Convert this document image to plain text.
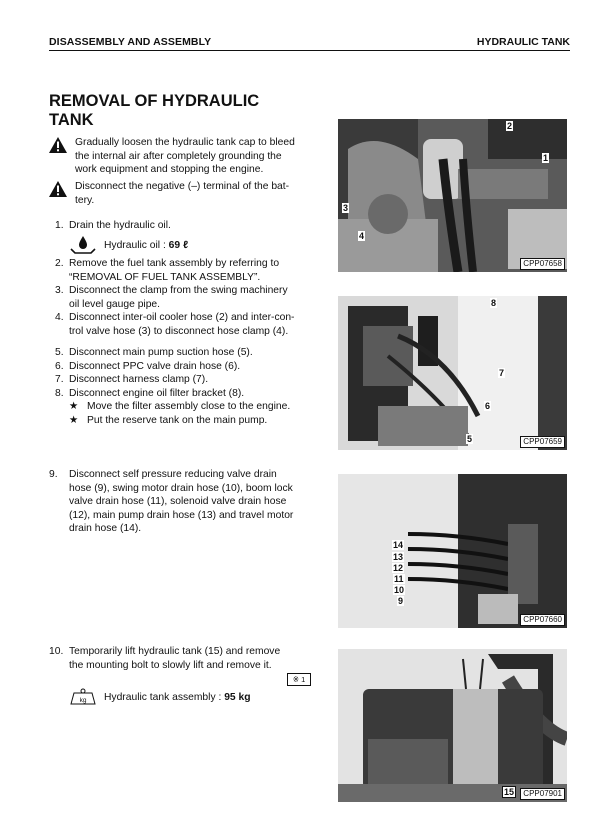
DISASSEMBLY AND ASSEMBLY	HYDRAULIC TANK
REMOVAL OF HYDRAULIC
TANK
Gradually loosen the hydraulic tank cap to bleed
the internal air after completely grounding the
work equipment and stopping the engine.
Disconnect the negative (–) terminal of the bat-
tery.
1. Drain the hydraulic oil.
Hydraulic oil : 69 ℓ
2. Remove the fuel tank assembly by referring to
“REMOVAL OF FUEL TANK ASSEMBLY”.
3. Disconnect the clamp from the swing machinery
oil level gauge pipe.
4. Disconnect inter-oil cooler hose (2) and inter-con-
trol valve hose (3) to disconnect hose clamp (4).
5. Disconnect main pump suction hose (5).
6. Disconnect PPC valve drain hose (6).
7. Disconnect harness clamp (7).
8. Disconnect engine oil filter bracket (8).
★ Move the filter assembly close to the engine.
★ Put the reserve tank on the main pump.
9. Disconnect self pressure reducing valve drain
hose (9), swing motor drain hose (10), boom lock
valve drain hose (11), solenoid valve drain hose
(12), main pump drain hose (13) and travel motor
drain hose (14).
10. Temporarily lift hydraulic tank (15) and remove
the mounting bolt to slowly lift and remove it.
※ 1
kg Hydraulic tank assembly : 95 kg
2
1
3
4
CPP07658
8
7
6
5	CPP07659
14
13
12
11
10
9
CPP07660
15	CPP07901
